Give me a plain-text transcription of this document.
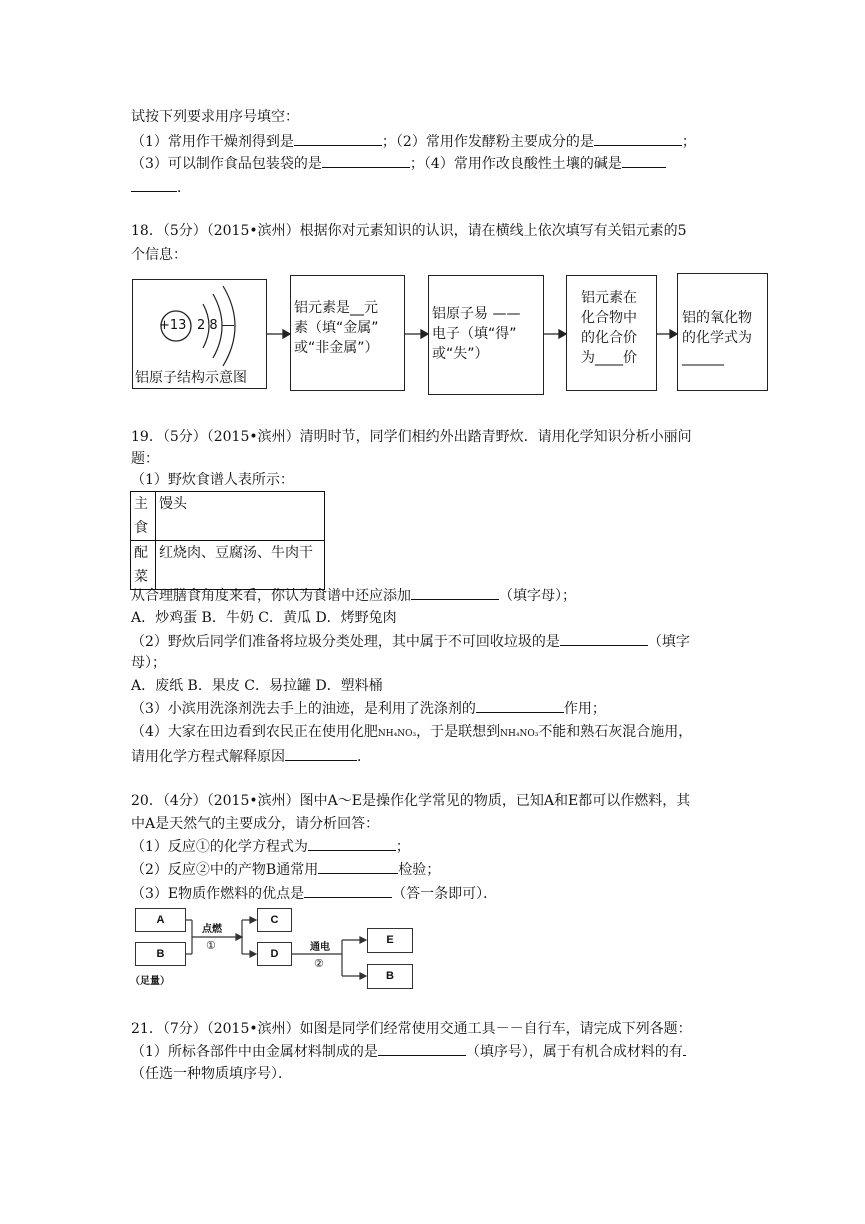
试按下列要求用序号填空：
（1）常用作干燥剂得到是	；（2）常用作发酵粉主要成分的是	；
（3）可以制作食品包装袋的是	；（4）常用作改良酸性土壤的碱是
．
18．（5分）（2015•滨州）根据你对元素知识的认识，请在横线上依次填写有关铝元素的5
个信息：
+13 2 8 —
铝原子结构示意图
铝元素是__元
素（填“金属”
或“非金属”）
铝原子易 ——
电子（填“得”
或“失”）
铝元素在
化合物中
的化合价
为____价
铝的氧化物
的化学式为
______
19．（5分）（2015•滨州）清明时节，同学们相约外出踏青野炊．请用化学知识分析小丽问
题：
（1）野炊食谱人表所示：
主
食	馒头

配
菜	红烧肉、豆腐汤、牛肉干
从合理膳食角度来看，你认为食谱中还应添加	（填字母）；
A．炒鸡蛋 B．牛奶 C．黄瓜 D．烤野兔肉
（2）野炊后同学们准备将垃圾分类处理，其中属于不可回收垃圾的是	（填字
母）；
A．废纸 B．果皮 C．易拉罐 D．塑料桶
（3）小滨用洗涤剂洗去手上的油迹，是利用了洗涤剂的	作用；
（4）大家在田边看到农民正在使用化肥NH₄NO₃，于是联想到NH₄NO₃不能和熟石灰混合施用，
请用化学方程式解释原因	．
20．（4分）（2015•滨州）图中A～E是操作化学常见的物质，已知A和E都可以作燃料，其
中A是天然气的主要成分，请分析回答：
（1）反应①的化学方程式为	；
（2）反应②中的产物B通常用	检验；
（3）E物质作燃料的优点是	（答一条即可）．
A
B
C
D
E
B
点燃
①	通电
②
（足量）
21．（7分）（2015•滨州）如图是同学们经常使用交通工具－－自行车，请完成下列各题：
（1）所标各部件中由金属材料制成的是	（填序号），属于有机合成材料的有
（任选一种物质填序号）．
